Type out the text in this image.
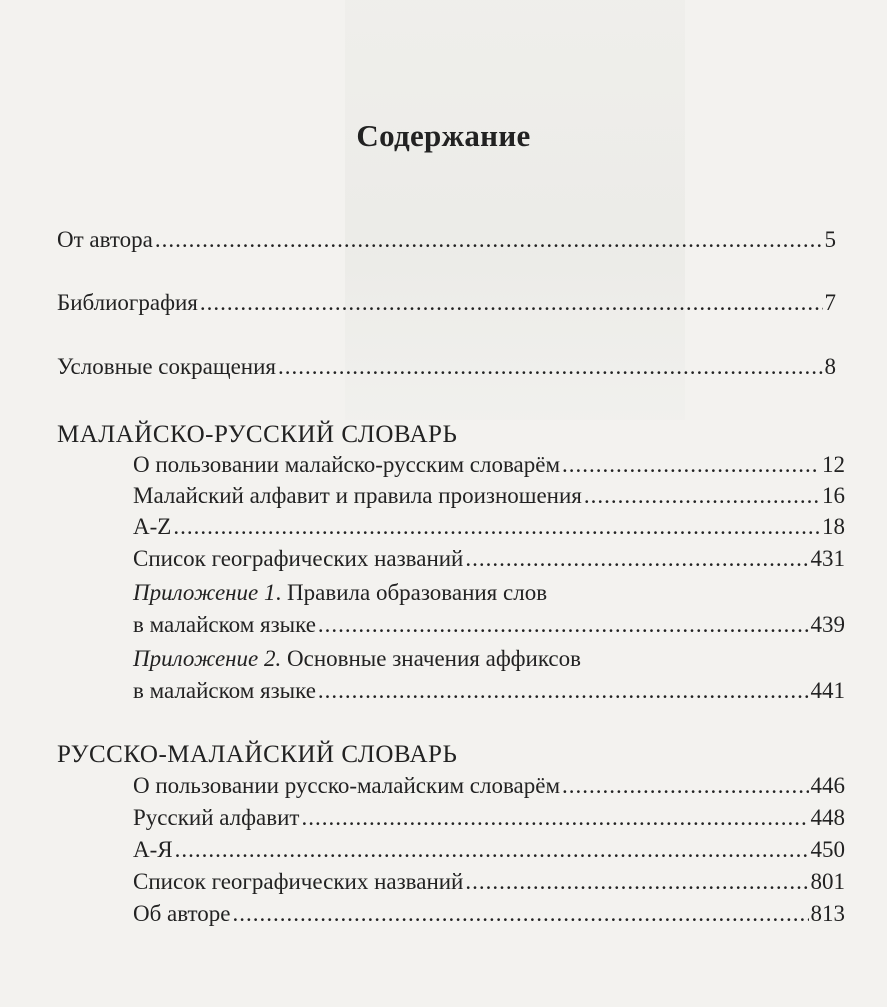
Содержание
От автора .....	5
Библиография .....	7
Условные сокращения .....	8
МАЛАЙСКО-РУССКИЙ СЛОВАРЬ
О пользовании малайско-русским словарём .....	12
Малайский алфавит и правила произношения .....	16
A-Z .....	18
Список географических названий .....	431
Приложение 1. Правила образования слов
в малайском языке .....	439
Приложение 2. Основные значения аффиксов
в малайском языке .....	441
РУССКО-МАЛАЙСКИЙ СЛОВАРЬ
О пользовании русско-малайским словарём .....	446
Русский алфавит .....	448
А-Я .....	450
Список географических названий .....	801
Об авторе .....	813
